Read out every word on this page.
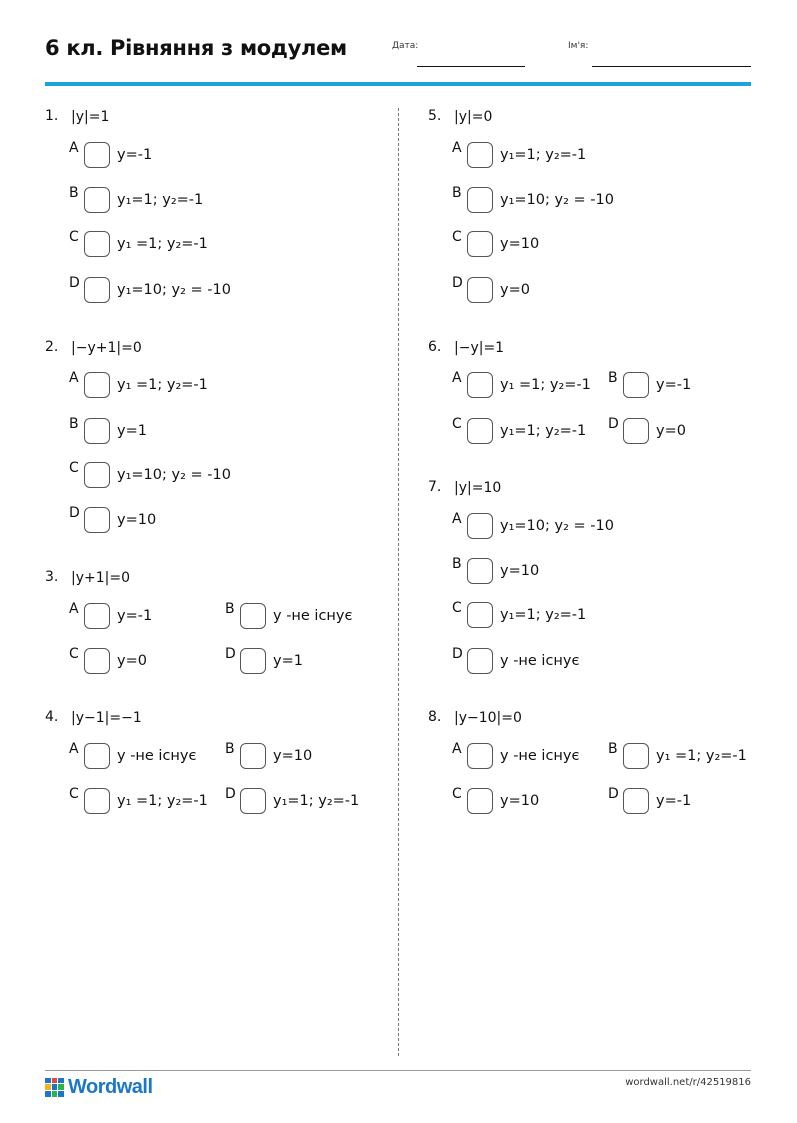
6 кл. Рівняння з модулем	Дата:	Ім'я:
1. |y|=1
A	y=-1
B	y₁=1; y₂=-1
C	y₁ =1; y₂=-1
D	y₁=10; y₂ = -10
2. |−y+1|=0
A	y₁ =1; y₂=-1
B	y=1
C	y₁=10; y₂ = -10
D	y=10
3. |y+1|=0
A	y=-1	B	y -не існує
C	y=0	D	y=1
4. |y−1|=−1
A	y -не існує B	y=10
C	y₁ =1; y₂=-1 D	y₁=1; y₂=-1
5. |y|=0
A	y₁=1; y₂=-1
B	y₁=10; y₂ = -10
C	y=10
D	y=0
6. |−y|=1
A	y₁ =1; y₂=-1 B	y=-1
C	y₁=1; y₂=-1 D	y=0
7. |y|=10
A	y₁=10; y₂ = -10
B	y=10
C	y₁=1; y₂=-1
D	y -не існує
8. |y−10|=0
A	y -не існує B	y₁ =1; y₂=-1
C	y=10	D	y=-1
Wordwall	wordwall.net/r/42519816
